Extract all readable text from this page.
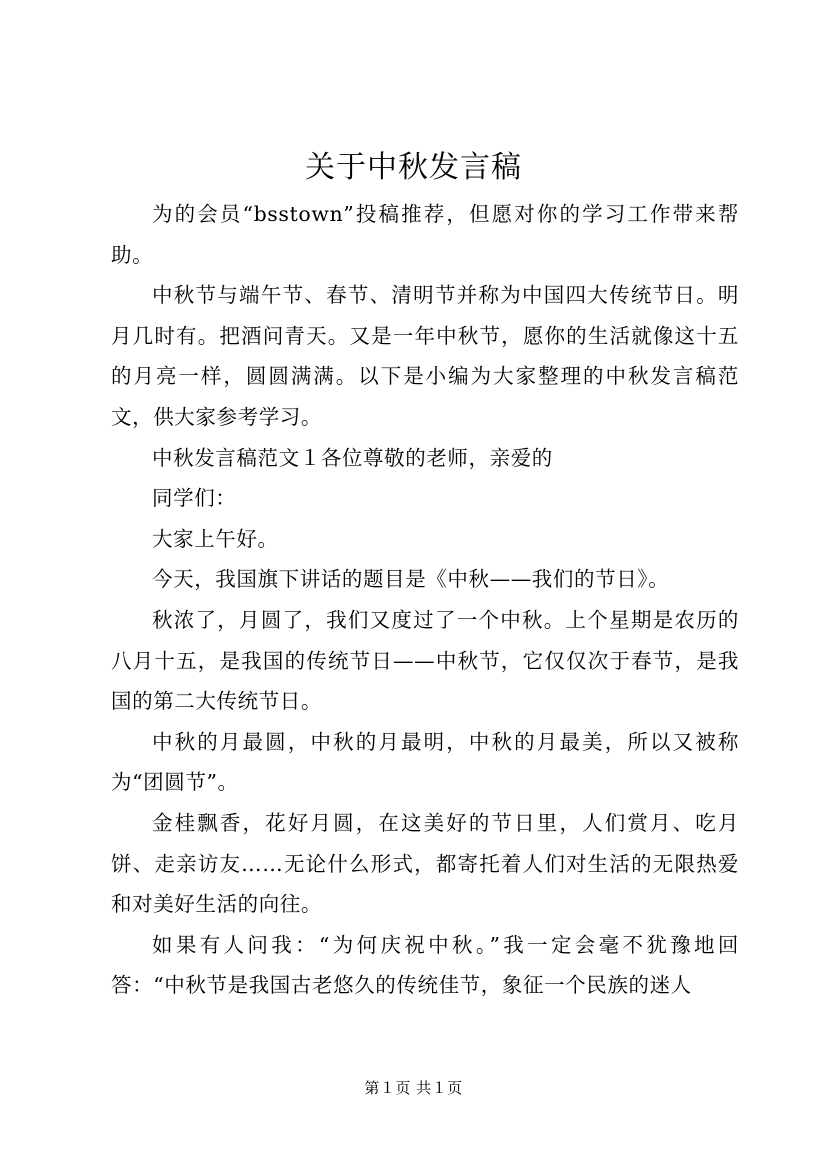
关于中秋发言稿

为的会员“bsstown”投稿推荐，但愿对你的学习工作带来帮助。

中秋节与端午节、春节、清明节并称为中国四大传统节日。明月几时有。把酒问青天。又是一年中秋节，愿你的生活就像这十五的月亮一样，圆圆满满。以下是小编为大家整理的中秋发言稿范文，供大家参考学习。

中秋发言稿范文１各位尊敬的老师，亲爱的

同学们：

大家上午好。

今天，我国旗下讲话的题目是《中秋——我们的节日》。

秋浓了，月圆了，我们又度过了一个中秋。上个星期是农历的八月十五，是我国的传统节日——中秋节，它仅仅次于春节，是我国的第二大传统节日。

中秋的月最圆，中秋的月最明，中秋的月最美，所以又被称为“团圆节”。

金桂飘香，花好月圆，在这美好的节日里，人们赏月、吃月饼、走亲访友……无论什么形式，都寄托着人们对生活的无限热爱和对美好生活的向往。

如果有人问我：“为何庆祝中秋。”我一定会毫不犹豫地回答：“中秋节是我国古老悠久的传统佳节，象征一个民族的迷人

第１页 共１页
